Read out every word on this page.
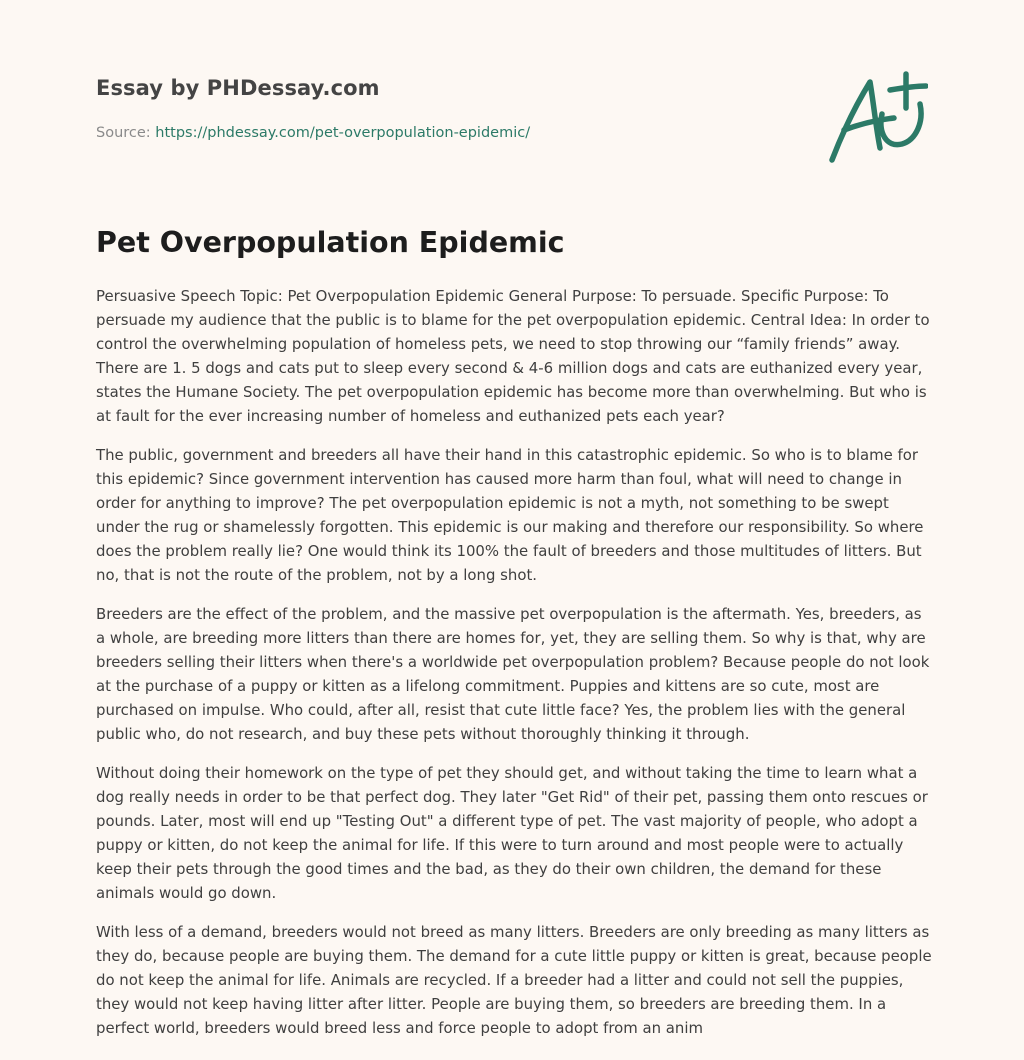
Essay by PHDessay.com
Source: https://phdessay.com/pet-overpopulation-epidemic/
Pet Overpopulation Epidemic

Persuasive Speech Topic: Pet Overpopulation Epidemic General Purpose: To persuade. Specific Purpose: To persuade my audience that the public is to blame for the pet overpopulation epidemic. Central Idea: In order to control the overwhelming population of homeless pets, we need to stop throwing our “family friends” away. There are 1. 5 dogs and cats put to sleep every second & 4-6 million dogs and cats are euthanized every year, states the Humane Society. The pet overpopulation epidemic has become more than overwhelming. But who is at fault for the ever increasing number of homeless and euthanized pets each year?

The public, government and breeders all have their hand in this catastrophic epidemic. So who is to blame for this epidemic? Since government intervention has caused more harm than foul, what will need to change in order for anything to improve? The pet overpopulation epidemic is not a myth, not something to be swept under the rug or shamelessly forgotten. This epidemic is our making and therefore our responsibility. So where does the problem really lie? One would think its 100% the fault of breeders and those multitudes of litters. But no, that is not the route of the problem, not by a long shot.

Breeders are the effect of the problem, and the massive pet overpopulation is the aftermath. Yes, breeders, as a whole, are breeding more litters than there are homes for, yet, they are selling them. So why is that, why are breeders selling their litters when there's a worldwide pet overpopulation problem? Because people do not look at the purchase of a puppy or kitten as a lifelong commitment. Puppies and kittens are so cute, most are purchased on impulse. Who could, after all, resist that cute little face? Yes, the problem lies with the general public who, do not research, and buy these pets without thoroughly thinking it through.

Without doing their homework on the type of pet they should get, and without taking the time to learn what a dog really needs in order to be that perfect dog. They later "Get Rid" of their pet, passing them onto rescues or pounds. Later, most will end up "Testing Out" a different type of pet. The vast majority of people, who adopt a puppy or kitten, do not keep the animal for life. If this were to turn around and most people were to actually keep their pets through the good times and the bad, as they do their own children, the demand for these animals would go down.

With less of a demand, breeders would not breed as many litters. Breeders are only breeding as many litters as they do, because people are buying them. The demand for a cute little puppy or kitten is great, because people do not keep the animal for life. Animals are recycled. If a breeder had a litter and could not sell the puppies, they would not keep having litter after litter. People are buying them, so breeders are breeding them. In a perfect world, breeders would breed less and force people to adopt from an anim
